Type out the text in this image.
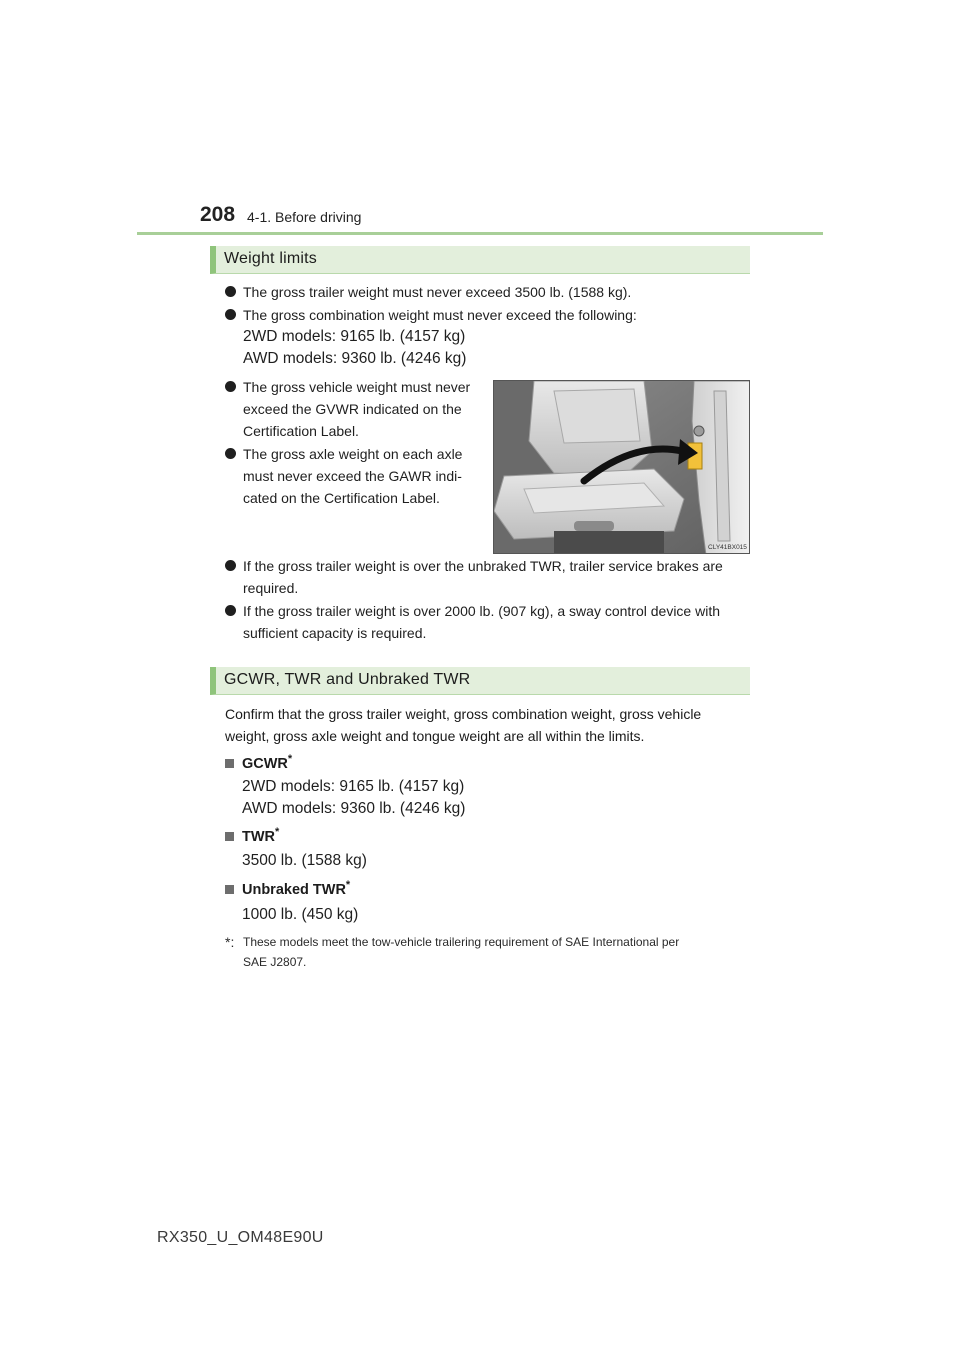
208 4-1. Before driving
Weight limits
The gross trailer weight must never exceed 3500 lb. (1588 kg).
The gross combination weight must never exceed the following:
2WD models: 9165 lb. (4157 kg)
AWD models: 9360 lb. (4246 kg)
The gross vehicle weight must never
exceed the GVWR indicated on the
Certification Label.
The gross axle weight on each axle
must never exceed the GAWR indi-
cated on the Certification Label.
CLY41BX015
If the gross trailer weight is over the unbraked TWR, trailer service brakes are
required.
If the gross trailer weight is over 2000 lb. (907 kg), a sway control device with
sufficient capacity is required.
GCWR, TWR and Unbraked TWR
Confirm that the gross trailer weight, gross combination weight, gross vehicle
weight, gross axle weight and tongue weight are all within the limits.
GCWR*
2WD models: 9165 lb. (4157 kg)
AWD models: 9360 lb. (4246 kg)
TWR*
3500 lb. (1588 kg)
Unbraked TWR*
1000 lb. (450 kg)
*: These models meet the tow-vehicle trailering requirement of SAE International per
SAE J2807.
RX350_U_OM48E90U
